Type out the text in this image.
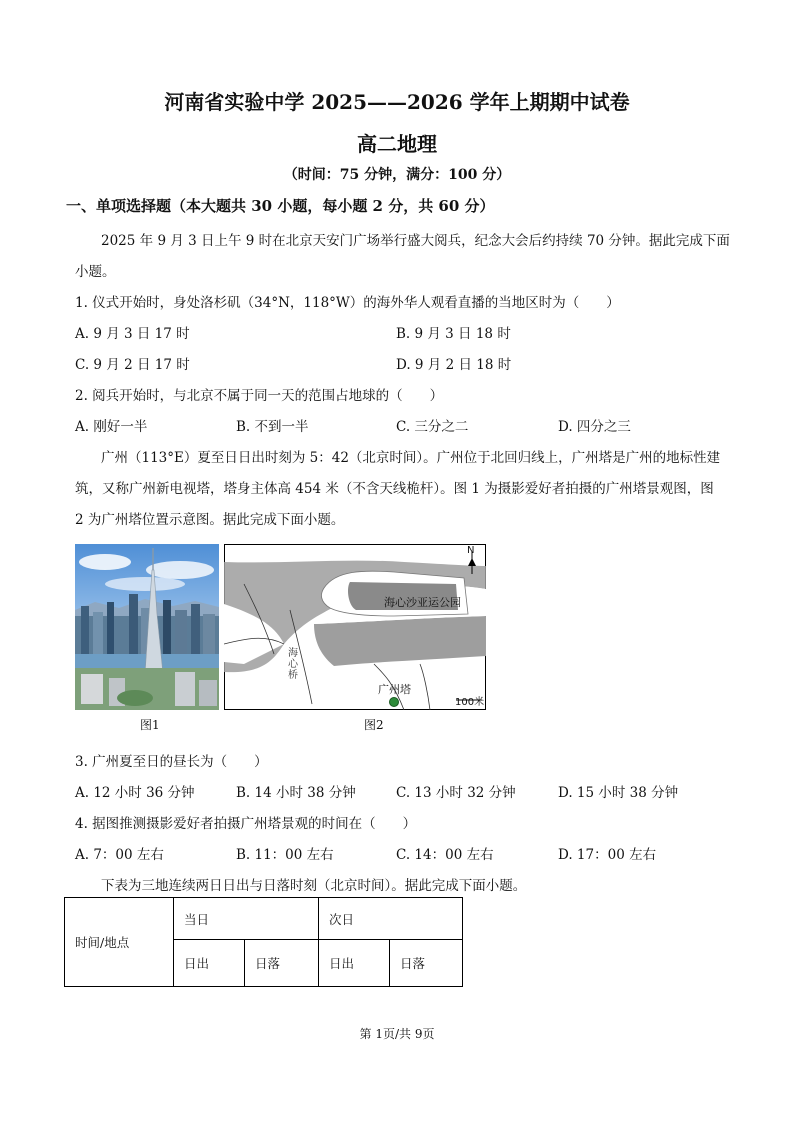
河南省实验中学 2025——2026 学年上期期中试卷
高二地理
（时间：75 分钟，满分：100 分）
一、单项选择题（本大题共 30 小题，每小题 2 分，共 60 分）
2025 年 9 月 3 日上午 9 时在北京天安门广场举行盛大阅兵，纪念大会后约持续 70 分钟。据此完成下面
小题。
1. 仪式开始时，身处洛杉矶（34°N，118°W）的海外华人观看直播的当地区时为（　　）
A. 9 月 3 日 17 时	B. 9 月 3 日 18 时
C. 9 月 2 日 17 时	D. 9 月 2 日 18 时
2. 阅兵开始时，与北京不属于同一天的范围占地球的（　　）
A. 刚好一半	B. 不到一半	C. 三分之二	D. 四分之三
广州（113°E）夏至日日出时刻为 5：42（北京时间）。广州位于北回归线上，广州塔是广州的地标性建
筑，又称广州新电视塔，塔身主体高 454 米（不含天线桅杆）。图 1 为摄影爱好者拍摄的广州塔景观图，图
2 为广州塔位置示意图。据此完成下面小题。
图1
海心沙亚运公园
广州塔
N
100米
海心桥
图2
3. 广州夏至日的昼长为（　　）
A. 12 小时 36 分钟	B. 14 小时 38 分钟	C. 13 小时 32 分钟	D. 15 小时 38 分钟
4. 据图推测摄影爱好者拍摄广州塔景观的时间在（　　）
A. 7：00 左右	B. 11：00 左右	C. 14：00 左右	D. 17：00 左右
下表为三地连续两日日出与日落时刻（北京时间）。据此完成下面小题。
时间/地点	当日		次日	
	日出	日落	日出	日落
第 1页/共 9页
